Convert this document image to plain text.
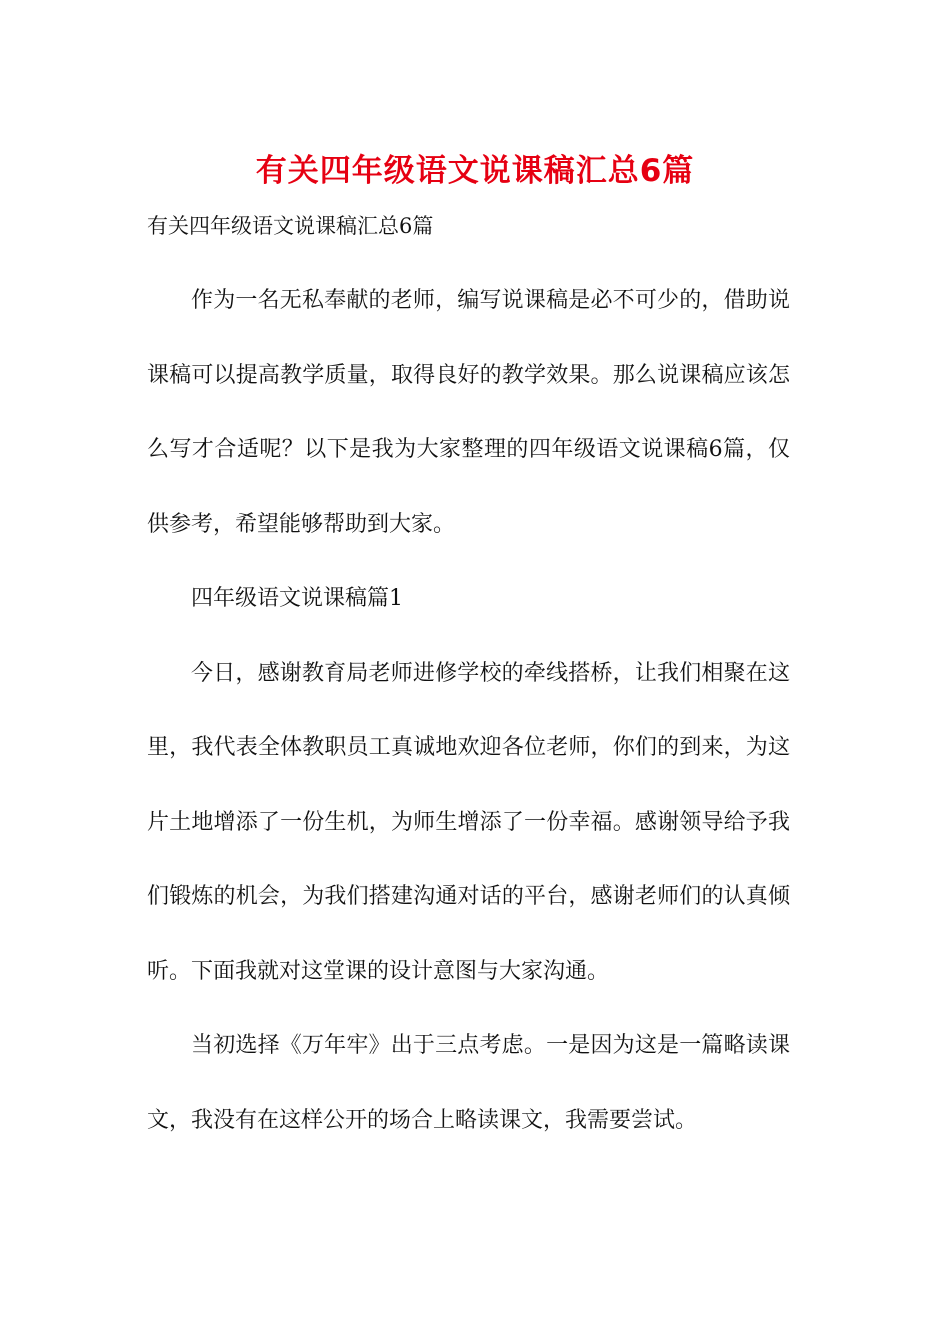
有关四年级语文说课稿汇总6篇
有关四年级语文说课稿汇总6篇

作为一名无私奉献的老师，编写说课稿是必不可少的，借助说课稿可以提高教学质量，取得良好的教学效果。那么说课稿应该怎么写才合适呢？以下是我为大家整理的四年级语文说课稿6篇，仅供参考，希望能够帮助到大家。

四年级语文说课稿篇1

今日，感谢教育局老师进修学校的牵线搭桥，让我们相聚在这里，我代表全体教职员工真诚地欢迎各位老师，你们的到来，为这片土地增添了一份生机，为师生增添了一份幸福。感谢领导给予我们锻炼的机会，为我们搭建沟通对话的平台，感谢老师们的认真倾听。下面我就对这堂课的设计意图与大家沟通。

当初选择《万年牢》出于三点考虑。一是因为这是一篇略读课文，我没有在这样公开的场合上略读课文，我需要尝试。
